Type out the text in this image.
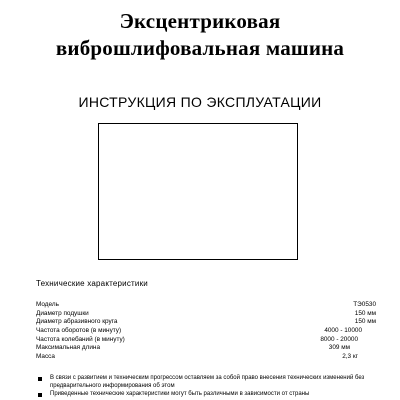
Эксцентриковая
виброшлифовальная машина
ИНСТРУКЦИЯ ПО ЭКСПЛУАТАЦИИ
Технические характеристики
Модель	ТЭ0530
Диаметр подушки	150 мм
Диаметр абразивного круга	150 мм
Частота оборотов (в минуту)	4000 - 10000
Частота колебаний (в минуту)	8000 - 20000
Максимальная длина	309 мм
Масса	2,3 кг
В связи с развитием и техническим прогрессом оставляем за собой право внесения технических изменений без предварительного информирования об этом
Приведенные технические характеристики могут быть различными в зависимости от страны
